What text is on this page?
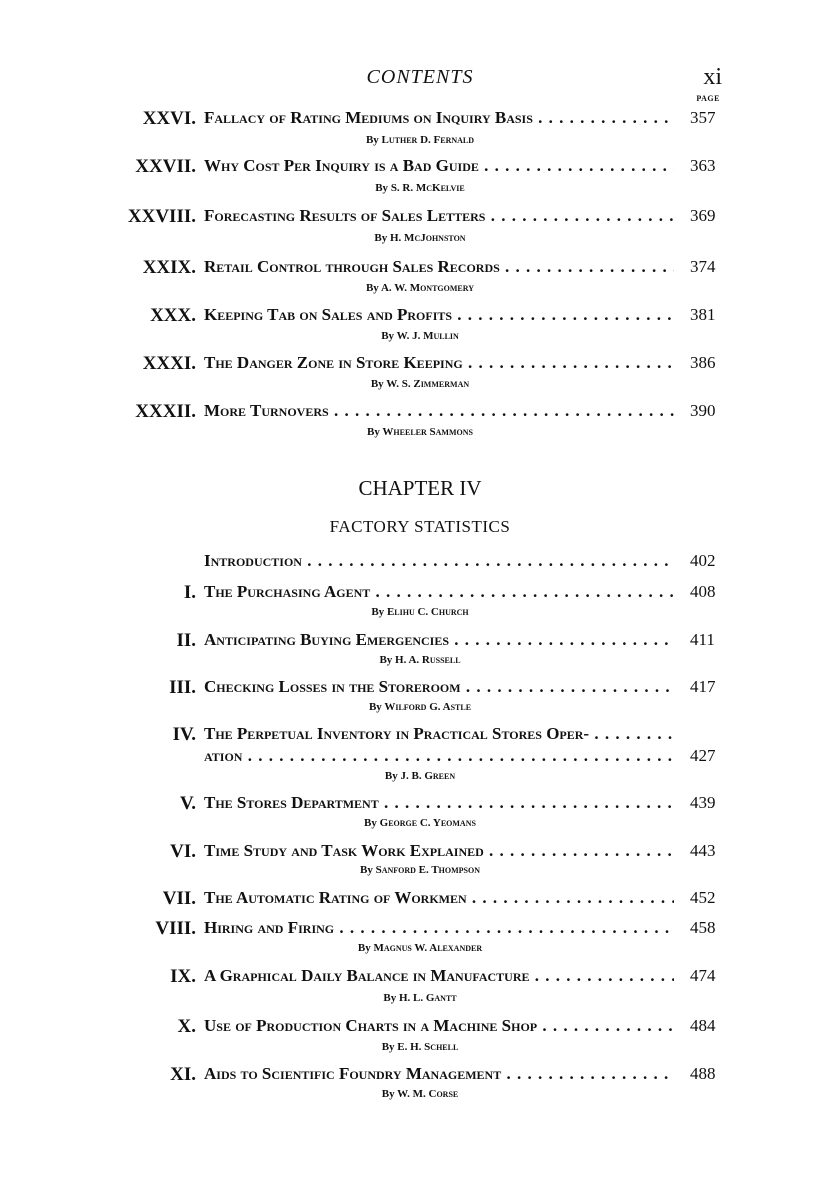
CONTENTS	xi
PAGE
XXVI. Fallacy of Rating Mediums on Inquiry Basis . . .	357
By Luther D. Fernald
XXVII. Why Cost Per Inquiry is a Bad Guide . . .	363
By S. R. McKelvie
XXVIII. Forecasting Results of Sales Letters . . .	369
By H. McJohnston
XXIX. Retail Control through Sales Records . . .	374
By A. W. Montgomery
XXX. Keeping Tab on Sales and Profits . . .	381
By W. J. Mullin
XXXI. The Danger Zone in Store Keeping . . .	386
By W. S. Zimmerman
XXXII. More Turnovers . . .	390
By Wheeler Sammons
CHAPTER IV
FACTORY STATISTICS
Introduction . . .	402
I. The Purchasing Agent . . .	408
By Elihu C. Church
II. Anticipating Buying Emergencies . . .	411
By H. A. Russell
III. Checking Losses in the Storeroom . . .	417
By Wilford G. Astle
IV. The Perpetual Inventory in Practical Stores Oper- . . .
ation . . .	427
By J. B. Green
V. The Stores Department . . .	439
By George C. Yeomans
VI. Time Study and Task Work Explained . . .	443
By Sanford E. Thompson
VII. The Automatic Rating of Workmen . . .	452
VIII. Hiring and Firing . . .	458
By Magnus W. Alexander
IX. A Graphical Daily Balance in Manufacture . . .	474
By H. L. Gantt
X. Use of Production Charts in a Machine Shop . . .	484
By E. H. Schell
XI. Aids to Scientific Foundry Management . . .	488
By W. M. Corse
